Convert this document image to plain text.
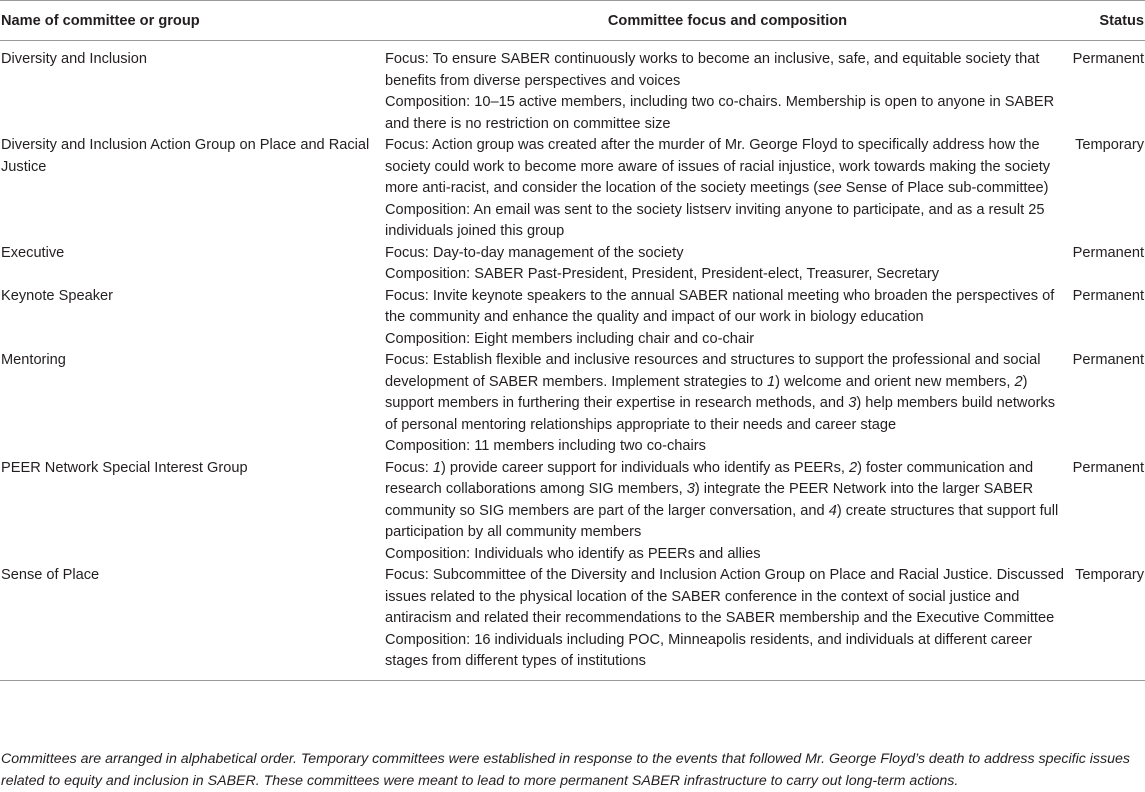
Name of committee or group	Committee focus and composition	Status
Diversity and Inclusion	Focus: To ensure SABER continuously works to become an inclusive, safe, and equitable society that benefits from diverse perspectives and voices
Composition: 10–15 active members, including two co-chairs. Membership is open to anyone in SABER and there is no restriction on committee size	Permanent
Diversity and Inclusion Action Group on Place and Racial Justice	Focus: Action group was created after the murder of Mr. George Floyd to specifically address how the society could work to become more aware of issues of racial injustice, work towards making the society more anti-racist, and consider the location of the society meetings (see Sense of Place sub-committee)
Composition: An email was sent to the society listserv inviting anyone to participate, and as a result 25 individuals joined this group	Temporary
Executive	Focus: Day-to-day management of the society
Composition: SABER Past-President, President, President-elect, Treasurer, Secretary	Permanent
Keynote Speaker	Focus: Invite keynote speakers to the annual SABER national meeting who broaden the perspectives of the community and enhance the quality and impact of our work in biology education
Composition: Eight members including chair and co-chair	Permanent
Mentoring	Focus: Establish flexible and inclusive resources and structures to support the professional and social development of SABER members. Implement strategies to 1) welcome and orient new members, 2) support members in furthering their expertise in research methods, and 3) help members build networks of personal mentoring relationships appropriate to their needs and career stage
Composition: 11 members including two co-chairs	Permanent
PEER Network Special Interest Group	Focus: 1) provide career support for individuals who identify as PEERs, 2) foster communication and research collaborations among SIG members, 3) integrate the PEER Network into the larger SABER community so SIG members are part of the larger conversation, and 4) create structures that support full participation by all community members
Composition: Individuals who identify as PEERs and allies	Permanent
Sense of Place	Focus: Subcommittee of the Diversity and Inclusion Action Group on Place and Racial Justice. Discussed issues related to the physical location of the SABER conference in the context of social justice and antiracism and related their recommendations to the SABER membership and the Executive Committee
Composition: 16 individuals including POC, Minneapolis residents, and individuals at different career stages from different types of institutions	Temporary
Committees are arranged in alphabetical order. Temporary committees were established in response to the events that followed Mr. George Floyd’s death to address specific issues related to equity and inclusion in SABER. These committees were meant to lead to more permanent SABER infrastructure to carry out long-term actions.
